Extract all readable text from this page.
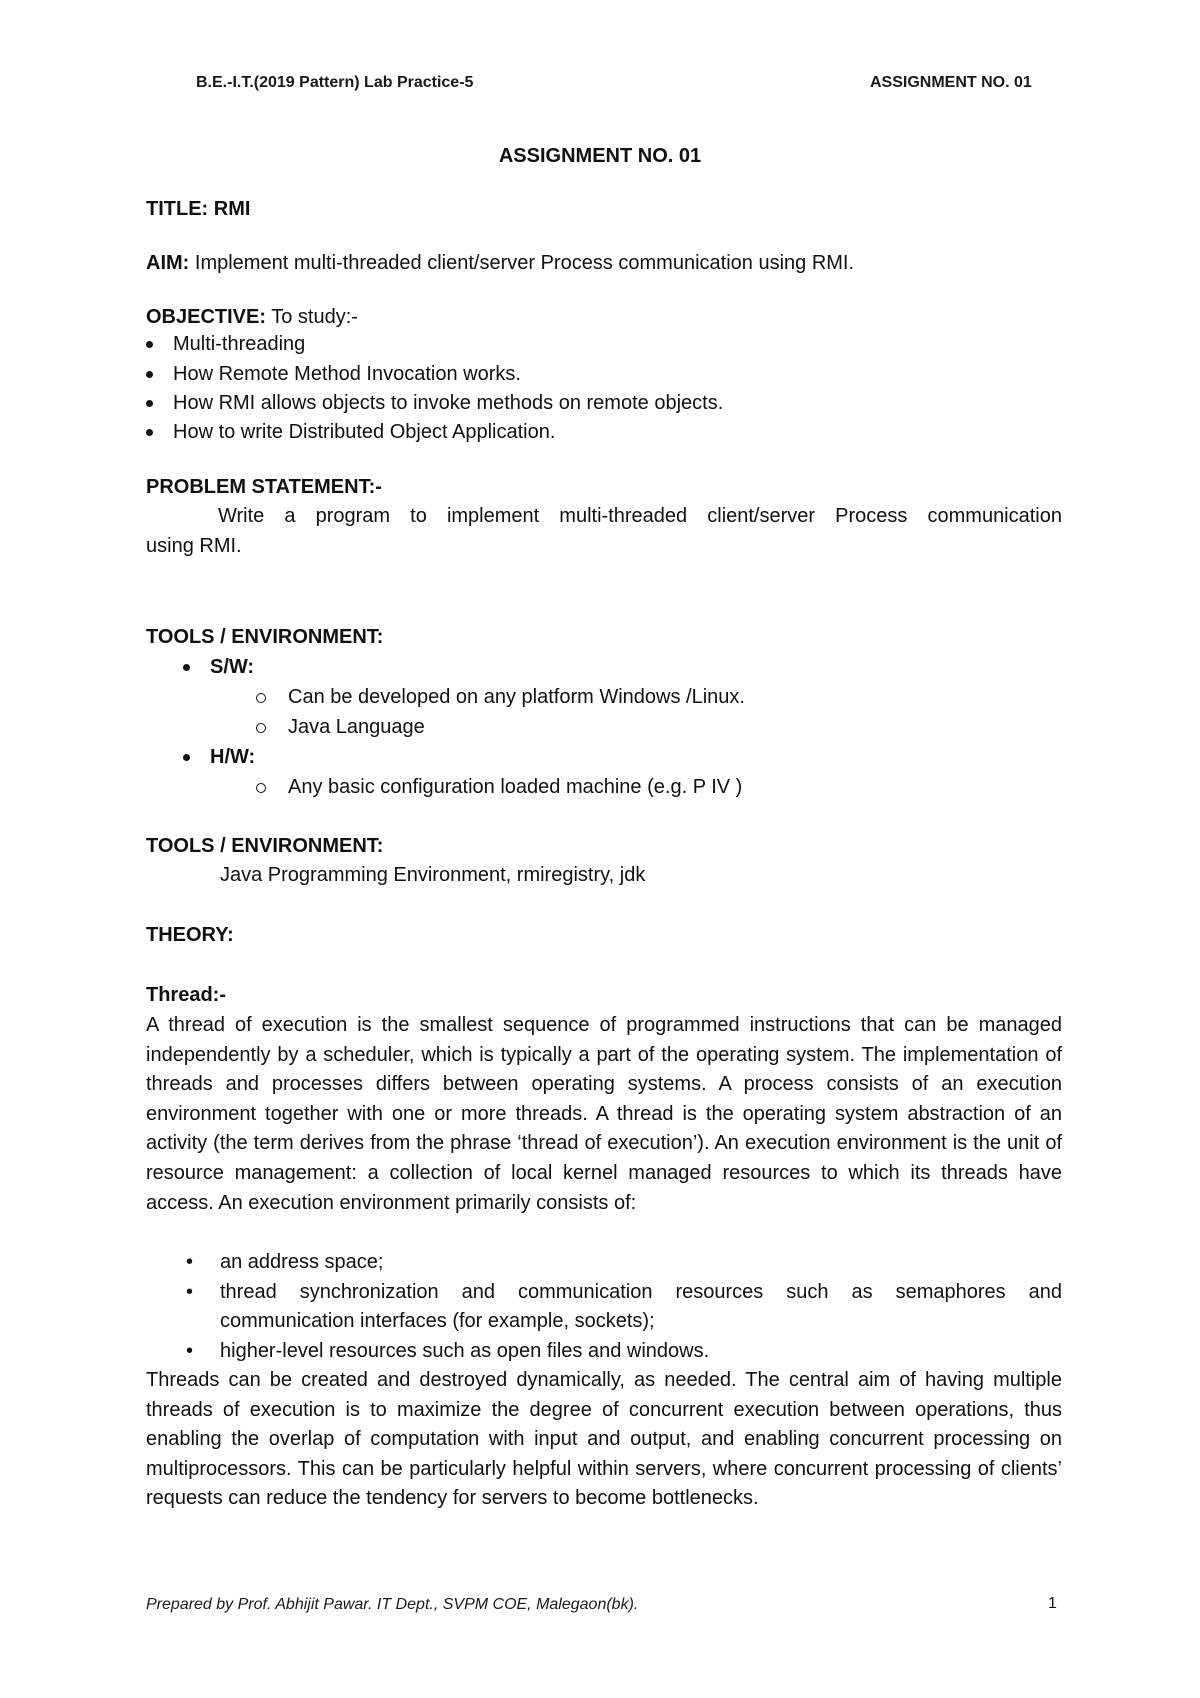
B.E.-I.T.(2019 Pattern) Lab Practice-5	ASSIGNMENT NO. 01
ASSIGNMENT NO. 01
TITLE: RMI
AIM: Implement multi-threaded client/server Process communication using RMI.
OBJECTIVE: To study:-
Multi-threading
How Remote Method Invocation works.
How RMI allows objects to invoke methods on remote objects.
How to write Distributed Object Application.
PROBLEM STATEMENT:-
Write a program to implement multi-threaded client/server Process communication
using RMI.
TOOLS / ENVIRONMENT:
S/W:
Can be developed on any platform Windows /Linux.
Java Language
H/W:
Any basic configuration loaded machine (e.g. P IV )
TOOLS / ENVIRONMENT:
Java Programming Environment, rmiregistry, jdk
THEORY:
Thread:-

A thread of execution is the smallest sequence of programmed instructions that can be managed independently by a scheduler, which is typically a part of the operating system. The implementation of threads and processes differs between operating systems. A process consists of an execution environment together with one or more threads. A thread is the operating system abstraction of an activity (the term derives from the phrase ‘thread of execution’). An execution environment is the unit of resource management: a collection of local kernel managed resources to which its threads have access. An execution environment primarily consists of:

• an address space;
• thread synchronization and communication resources such as semaphores and communication interfaces (for example, sockets);
• higher-level resources such as open files and windows.

Threads can be created and destroyed dynamically, as needed. The central aim of having multiple threads of execution is to maximize the degree of concurrent execution between operations, thus enabling the overlap of computation with input and output, and enabling concurrent processing on multiprocessors. This can be particularly helpful within servers, where concurrent processing of clients’ requests can reduce the tendency for servers to become bottlenecks.

Prepared by Prof. Abhijit Pawar. IT Dept., SVPM COE, Malegaon(bk).	1
